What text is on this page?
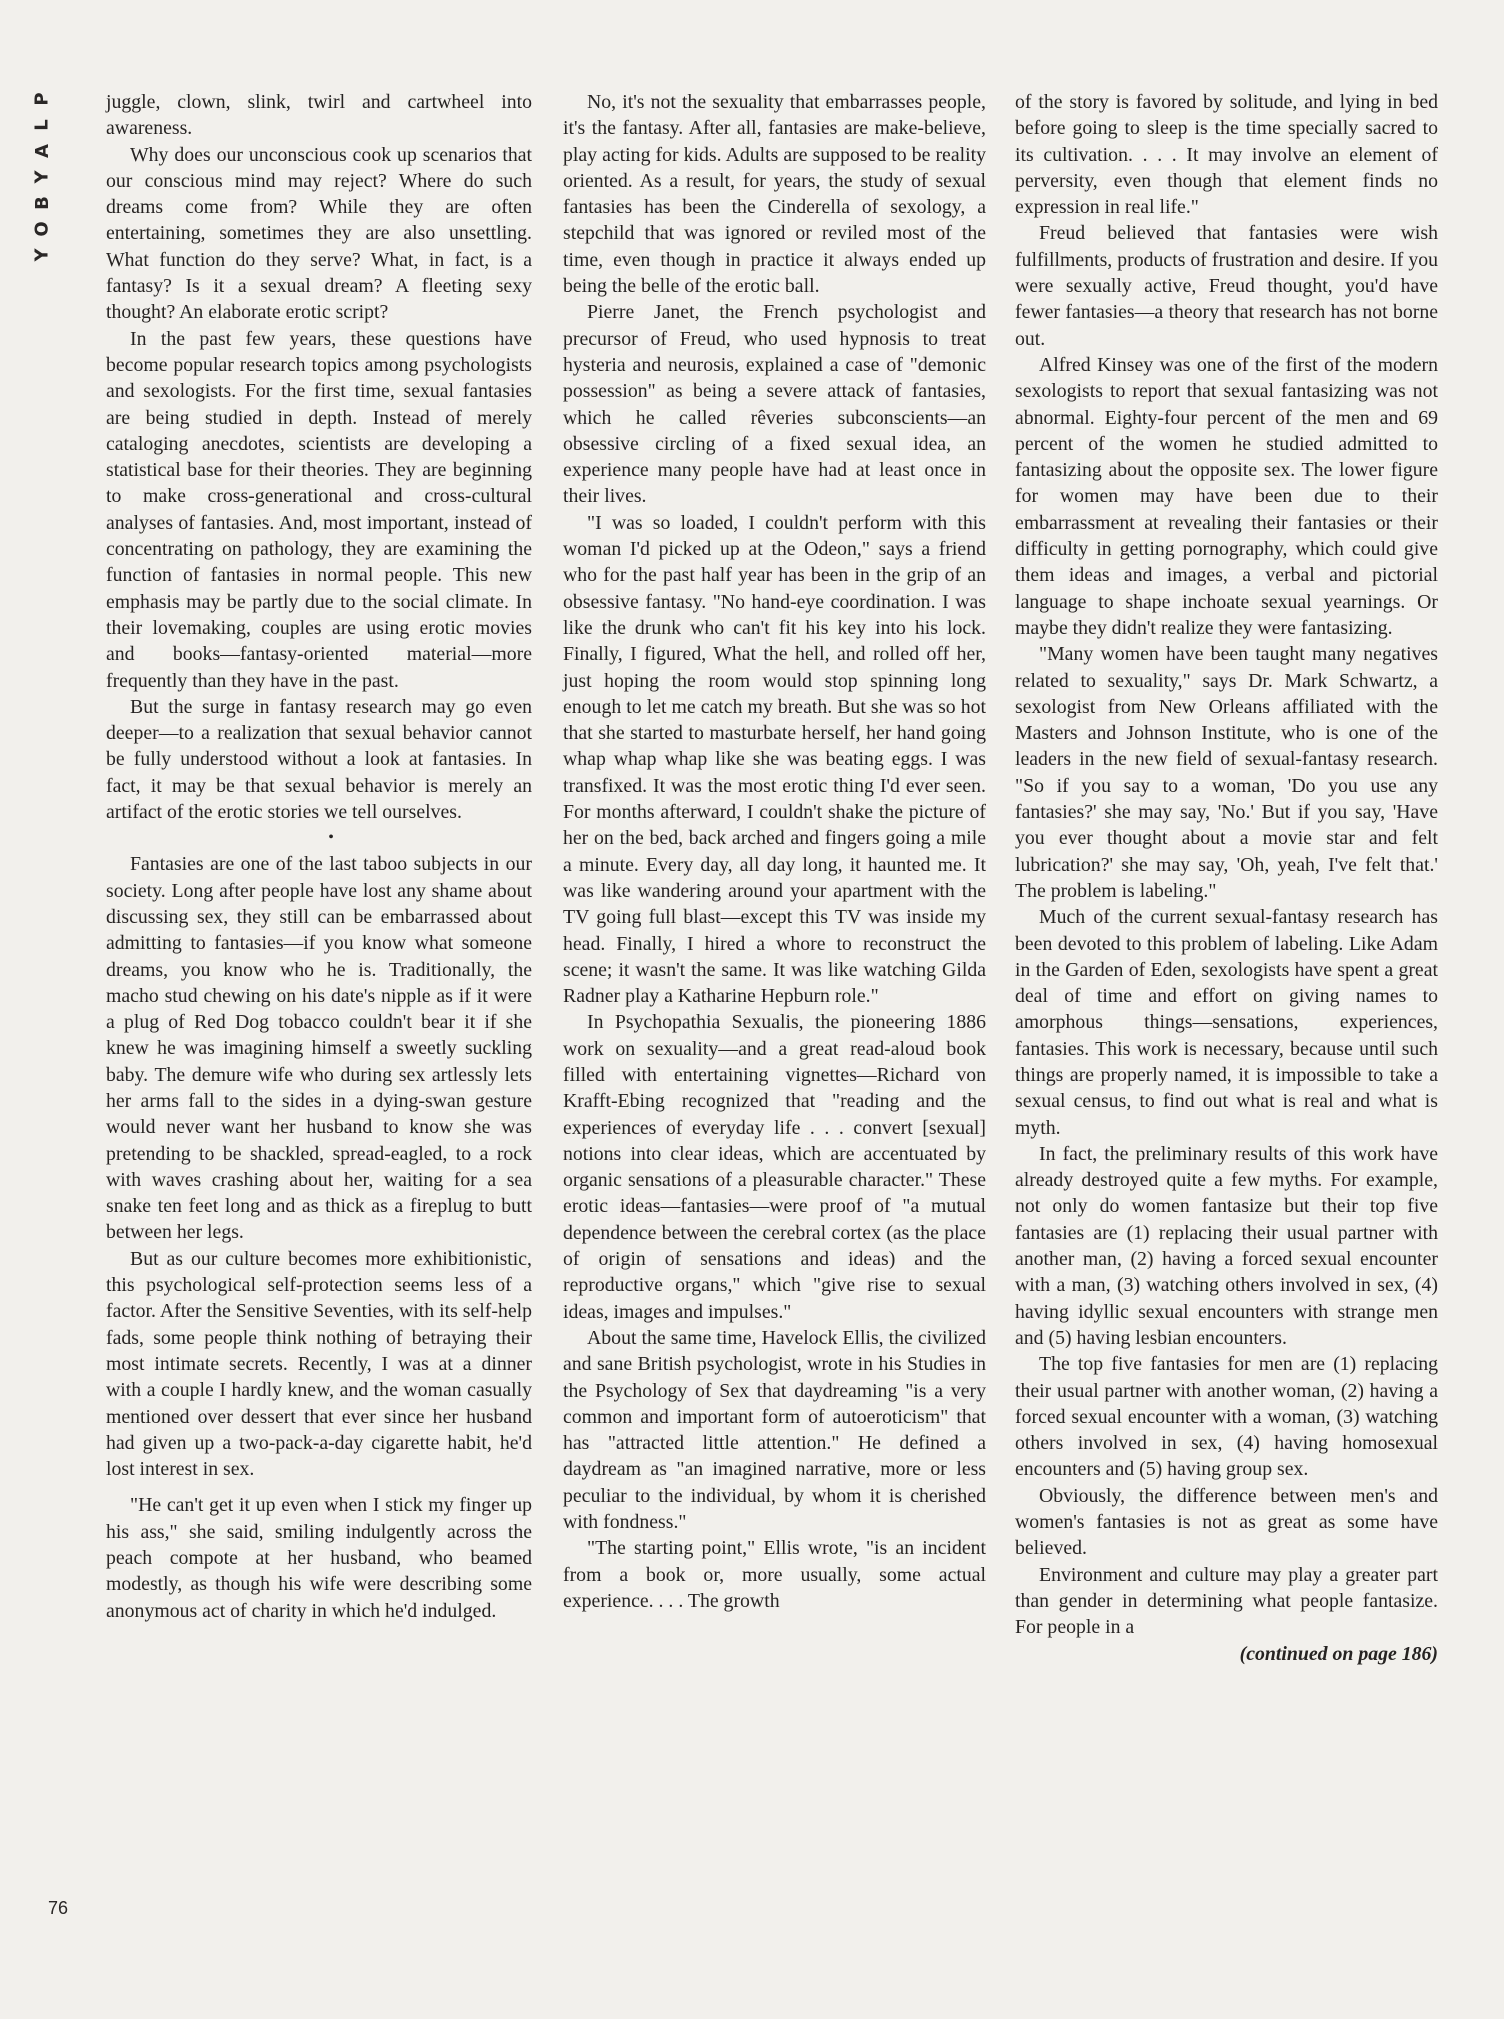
P
L
A
Y
B
O
Y
76

juggle, clown, slink, twirl and cartwheel into awareness.

Why does our unconscious cook up scenarios that our conscious mind may reject? Where do such dreams come from? While they are often entertaining, sometimes they are also unsettling. What function do they serve? What, in fact, is a fantasy? Is it a sexual dream? A fleeting sexy thought? An elaborate erotic script?

In the past few years, these questions have become popular research topics among psychologists and sexologists. For the first time, sexual fantasies are being studied in depth. Instead of merely cataloging anecdotes, scientists are developing a statistical base for their theories. They are beginning to make cross-generational and cross-cultural analyses of fantasies. And, most important, instead of concentrating on pathology, they are examining the function of fantasies in normal people. This new emphasis may be partly due to the social climate. In their lovemaking, couples are using erotic movies and books—fantasy-oriented material—more frequently than they have in the past.

But the surge in fantasy research may go even deeper—to a realization that sexual behavior cannot be fully understood without a look at fantasies. In fact, it may be that sexual behavior is merely an artifact of the erotic stories we tell ourselves.

•

Fantasies are one of the last taboo subjects in our society. Long after people have lost any shame about discussing sex, they still can be embarrassed about admitting to fantasies—if you know what someone dreams, you know who he is. Traditionally, the macho stud chewing on his date's nipple as if it were a plug of Red Dog tobacco couldn't bear it if she knew he was imagining himself a sweetly suckling baby. The demure wife who during sex artlessly lets her arms fall to the sides in a dying-swan gesture would never want her husband to know she was pretending to be shackled, spread-eagled, to a rock with waves crashing about her, waiting for a sea snake ten feet long and as thick as a fireplug to butt between her legs.

But as our culture becomes more exhibitionistic, this psychological self-protection seems less of a factor. After the Sensitive Seventies, with its self-help fads, some people think nothing of betraying their most intimate secrets. Recently, I was at a dinner with a couple I hardly knew, and the woman casually mentioned over dessert that ever since her husband had given up a two-pack-a-day cigarette habit, he'd lost interest in sex.

"He can't get it up even when I stick my finger up his ass," she said, smiling indulgently across the peach compote at her husband, who beamed modestly, as though his wife were describing some anonymous act of charity in which he'd indulged.

No, it's not the sexuality that embarrasses people, it's the fantasy. After all, fantasies are make-believe, play acting for kids. Adults are supposed to be reality oriented. As a result, for years, the study of sexual fantasies has been the Cinderella of sexology, a stepchild that was ignored or reviled most of the time, even though in practice it always ended up being the belle of the erotic ball.

Pierre Janet, the French psychologist and precursor of Freud, who used hypnosis to treat hysteria and neurosis, explained a case of "demonic possession" as being a severe attack of fantasies, which he called rêveries subconscients—an obsessive circling of a fixed sexual idea, an experience many people have had at least once in their lives.

"I was so loaded, I couldn't perform with this woman I'd picked up at the Odeon," says a friend who for the past half year has been in the grip of an obsessive fantasy. "No hand-eye coordination. I was like the drunk who can't fit his key into his lock. Finally, I figured, What the hell, and rolled off her, just hoping the room would stop spinning long enough to let me catch my breath. But she was so hot that she started to masturbate herself, her hand going whap whap whap like she was beating eggs. I was transfixed. It was the most erotic thing I'd ever seen. For months afterward, I couldn't shake the picture of her on the bed, back arched and fingers going a mile a minute. Every day, all day long, it haunted me. It was like wandering around your apartment with the TV going full blast—except this TV was inside my head. Finally, I hired a whore to reconstruct the scene; it wasn't the same. It was like watching Gilda Radner play a Katharine Hepburn role."

In Psychopathia Sexualis, the pioneering 1886 work on sexuality—and a great read-aloud book filled with entertaining vignettes—Richard von Krafft-Ebing recognized that "reading and the experiences of everyday life . . . convert [sexual] notions into clear ideas, which are accentuated by organic sensations of a pleasurable character." These erotic ideas—fantasies—were proof of "a mutual dependence between the cerebral cortex (as the place of origin of sensations and ideas) and the reproductive organs," which "give rise to sexual ideas, images and impulses."

About the same time, Havelock Ellis, the civilized and sane British psychologist, wrote in his Studies in the Psychology of Sex that daydreaming "is a very common and important form of autoeroticism" that has "attracted little attention." He defined a daydream as "an imagined narrative, more or less peculiar to the individual, by whom it is cherished with fondness."

"The starting point," Ellis wrote, "is an incident from a book or, more usually, some actual experience. . . . The growth

of the story is favored by solitude, and lying in bed before going to sleep is the time specially sacred to its cultivation. . . . It may involve an element of perversity, even though that element finds no expression in real life."

Freud believed that fantasies were wish fulfillments, products of frustration and desire. If you were sexually active, Freud thought, you'd have fewer fantasies—a theory that research has not borne out.

Alfred Kinsey was one of the first of the modern sexologists to report that sexual fantasizing was not abnormal. Eighty-four percent of the men and 69 percent of the women he studied admitted to fantasizing about the opposite sex. The lower figure for women may have been due to their embarrassment at revealing their fantasies or their difficulty in getting pornography, which could give them ideas and images, a verbal and pictorial language to shape inchoate sexual yearnings. Or maybe they didn't realize they were fantasizing.

"Many women have been taught many negatives related to sexuality," says Dr. Mark Schwartz, a sexologist from New Orleans affiliated with the Masters and Johnson Institute, who is one of the leaders in the new field of sexual-fantasy research. "So if you say to a woman, 'Do you use any fantasies?' she may say, 'No.' But if you say, 'Have you ever thought about a movie star and felt lubrication?' she may say, 'Oh, yeah, I've felt that.' The problem is labeling."

Much of the current sexual-fantasy research has been devoted to this problem of labeling. Like Adam in the Garden of Eden, sexologists have spent a great deal of time and effort on giving names to amorphous things—sensations, experiences, fantasies. This work is necessary, because until such things are properly named, it is impossible to take a sexual census, to find out what is real and what is myth.

In fact, the preliminary results of this work have already destroyed quite a few myths. For example, not only do women fantasize but their top five fantasies are (1) replacing their usual partner with another man, (2) having a forced sexual encounter with a man, (3) watching others involved in sex, (4) having idyllic sexual encounters with strange men and (5) having lesbian encounters.

The top five fantasies for men are (1) replacing their usual partner with another woman, (2) having a forced sexual encounter with a woman, (3) watching others involved in sex, (4) having homosexual encounters and (5) having group sex.

Obviously, the difference between men's and women's fantasies is not as great as some have believed.

Environment and culture may play a greater part than gender in determining what people fantasize. For people in a

(continued on page 186)
